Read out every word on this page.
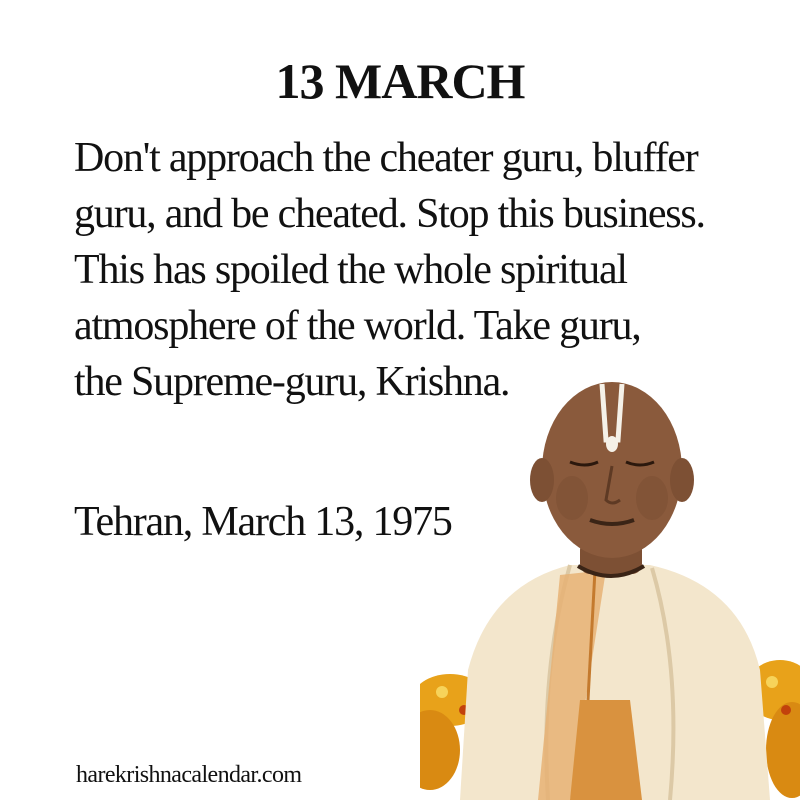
13 MARCH
Don't approach the cheater guru, bluffer
guru, and be cheated. Stop this business.
This has spoiled the whole spiritual
atmosphere of the world. Take guru,
the Supreme-guru, Krishna.

Tehran, March 13, 1975

harekrishnacalendar.com
